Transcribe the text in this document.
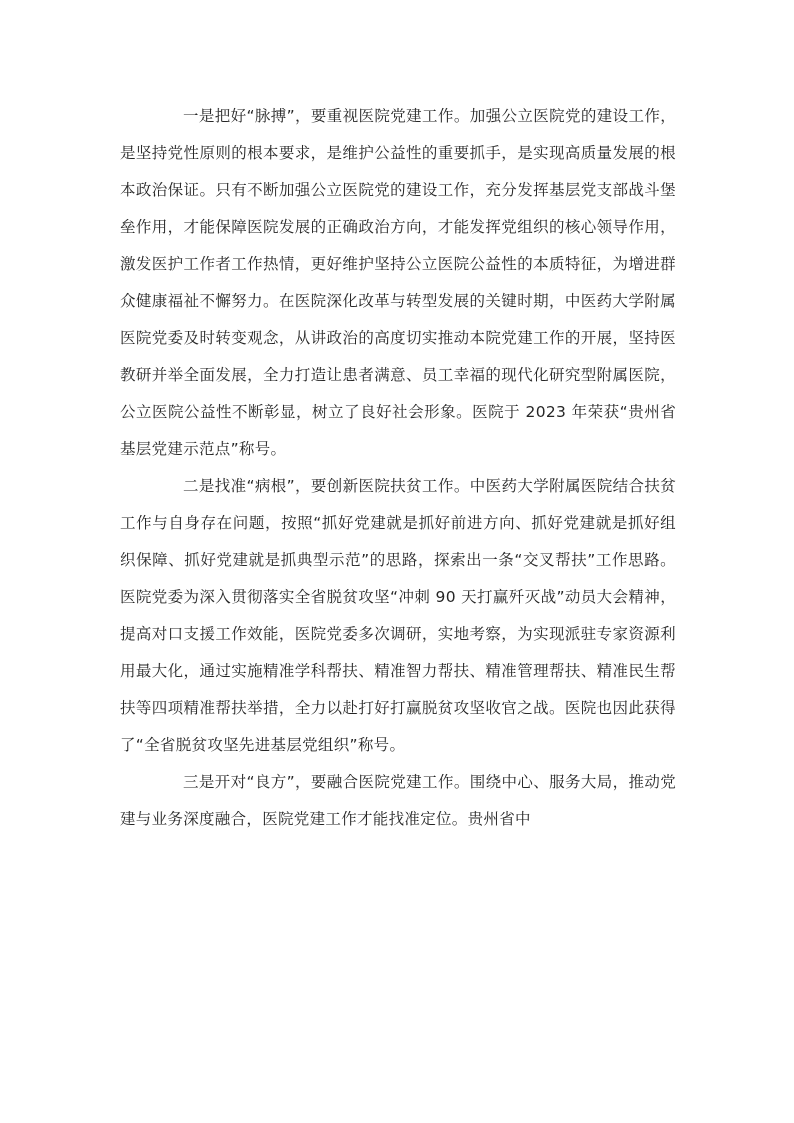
一是把好“脉搏”，要重视医院党建工作。加强公立医院党的建设工作，是坚持党性原则的根本要求，是维护公益性的重要抓手，是实现高质量发展的根本政治保证。只有不断加强公立医院党的建设工作，充分发挥基层党支部战斗堡垒作用，才能保障医院发展的正确政治方向，才能发挥党组织的核心领导作用，激发医护工作者工作热情，更好维护坚持公立医院公益性的本质特征，为增进群众健康福祉不懈努力。在医院深化改革与转型发展的关键时期，中医药大学附属医院党委及时转变观念，从讲政治的高度切实推动本院党建工作的开展，坚持医教研并举全面发展，全力打造让患者满意、员工幸福的现代化研究型附属医院，公立医院公益性不断彰显，树立了良好社会形象。医院于 2023 年荣获“贵州省基层党建示范点”称号。

二是找准“病根”，要创新医院扶贫工作。中医药大学附属医院结合扶贫工作与自身存在问题，按照“抓好党建就是抓好前进方向、抓好党建就是抓好组织保障、抓好党建就是抓典型示范”的思路，探索出一条“交叉帮扶”工作思路。医院党委为深入贯彻落实全省脱贫攻坚“冲刺 90 天打赢歼灭战”动员大会精神，提高对口支援工作效能，医院党委多次调研，实地考察，为实现派驻专家资源利用最大化，通过实施精准学科帮扶、精准智力帮扶、精准管理帮扶、精准民生帮扶等四项精准帮扶举措，全力以赴打好打赢脱贫攻坚收官之战。医院也因此获得了“全省脱贫攻坚先进基层党组织”称号。

三是开对“良方”，要融合医院党建工作。围绕中心、服务大局，推动党建与业务深度融合，医院党建工作才能找准定位。贵州省中
